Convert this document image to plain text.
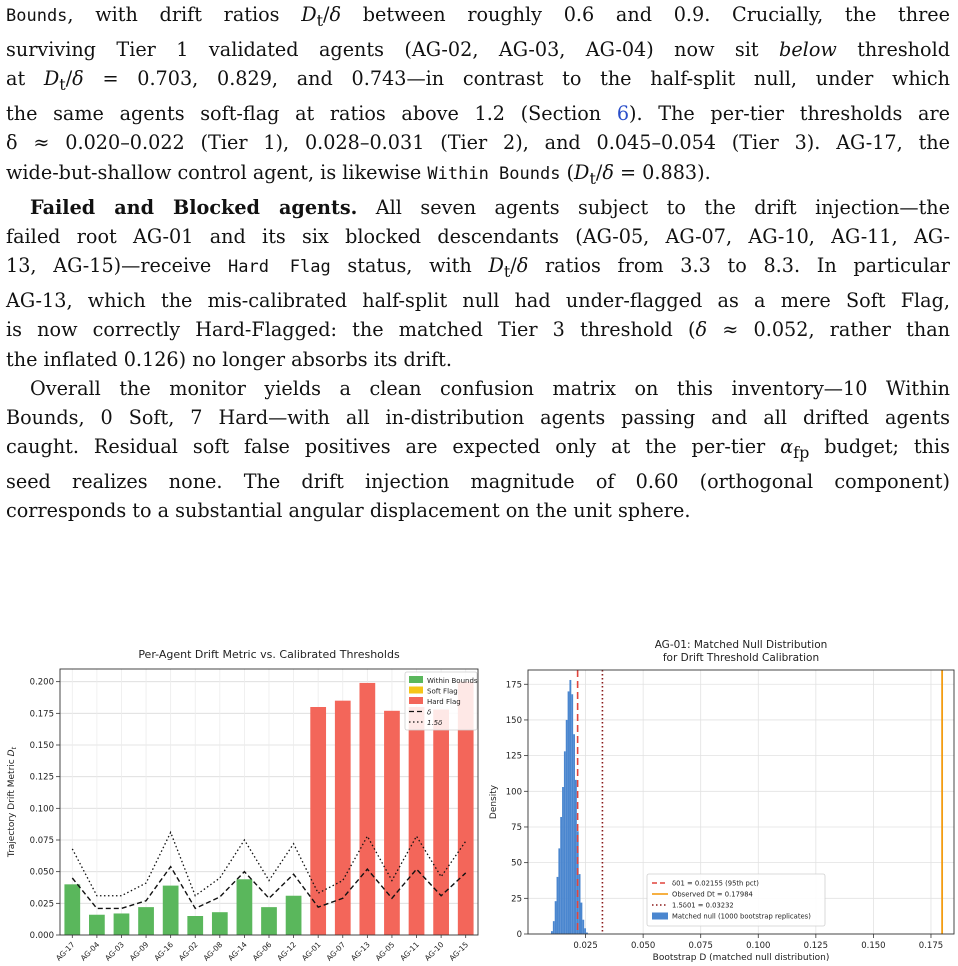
Bounds, with drift ratios $D_t/\delta$ between roughly 0.6 and 0.9. Crucially, the three
surviving Tier 1 validated agents (AG-02, AG-03, AG-04) now sit below threshold
at $D_t/\delta = 0.703$, 0.829, and 0.743—in contrast to the half-split null, under which
the same agents soft-flag at ratios above 1.2 (Section 6). The per-tier thresholds are
δ ≈ 0.020–0.022 (Tier 1), 0.028–0.031 (Tier 2), and 0.045–0.054 (Tier 3). AG-17, the
wide-but-shallow control agent, is likewise Within Bounds $(D_t/\delta = 0.883)$.
Failed and Blocked agents. All seven agents subject to the drift injection—the
failed root AG-01 and its six blocked descendants (AG-05, AG-07, AG-10, AG-11, AG-
13, AG-15)—receive Hard Flag status, with $D_t/\delta$ ratios from 3.3 to 8.3. In particular
AG-13, which the mis-calibrated half-split null had under-flagged as a mere Soft Flag,
is now correctly Hard-Flagged: the matched Tier 3 threshold (δ ≈ 0.052, rather than
the inflated 0.126) no longer absorbs its drift.
Overall the monitor yields a clean confusion matrix on this inventory—10 Within
Bounds, 0 Soft, 7 Hard—with all in-distribution agents passing and all drifted agents
caught. Residual soft false positives are expected only at the per-tier $\alpha_{fp}$ budget; this
seed realizes none. The drift injection magnitude of 0.60 (orthogonal component)
corresponds to a substantial angular displacement on the unit sphere.
Per-Agent Drift Metric vs. Calibrated Thresholds
0.000
0.025
0.050
0.075
0.100
0.125
0.150
0.175
0.200
Trajectory Drift Metric $D_t$
AG-17 AG-04 AG-03 AG-09 AG-16 AG-02 AG-08 AG-14 AG-06 AG-12 AG-01 AG-07 AG-13 AG-05 AG-11 AG-10 AG-15
Within Bounds
Soft Flag
Hard Flag
δ
1.5δ
AG-01: Matched Null Distribution
for Drift Threshold Calibration
0
25
50
75
100
125
150
175
0.025	0.050	0.075	0.100	0.125	0.150	0.175
Density
Bootstrap D (matched null distribution)
δ01 = 0.02155 (95th pct)
Observed Dt = 0.17984
1.5δ01 = 0.03232
Matched null (1000 bootstrap replicates)
